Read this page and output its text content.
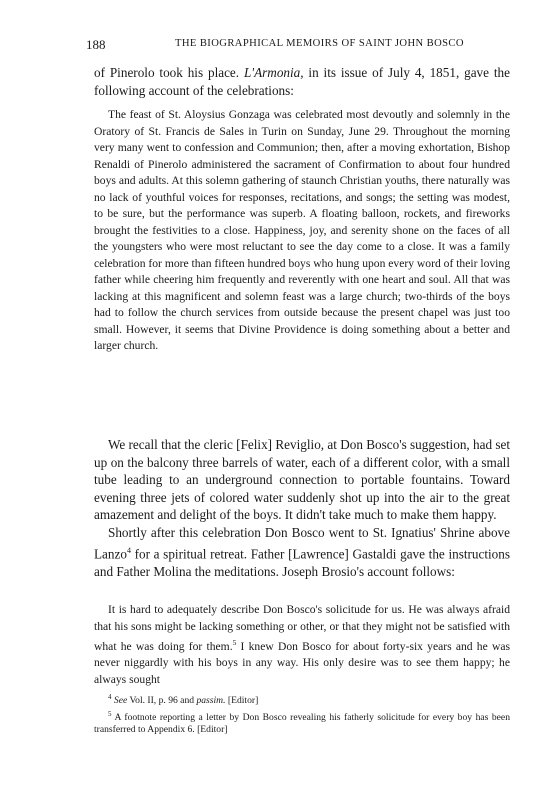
188	THE BIOGRAPHICAL MEMOIRS OF SAINT JOHN BOSCO

of Pinerolo took his place. L'Armonia, in its issue of July 4, 1851, gave the following account of the celebrations:

The feast of St. Aloysius Gonzaga was celebrated most devoutly and solemnly in the Oratory of St. Francis de Sales in Turin on Sunday, June 29. Throughout the morning very many went to confession and Communion; then, after a moving exhortation, Bishop Renaldi of Pinerolo administered the sacrament of Confirmation to about four hundred boys and adults. At this solemn gathering of staunch Christian youths, there naturally was no lack of youthful voices for responses, recitations, and songs; the setting was modest, to be sure, but the performance was superb. A floating balloon, rockets, and fireworks brought the festivities to a close. Happiness, joy, and serenity shone on the faces of all the youngsters who were most reluctant to see the day come to a close. It was a family celebration for more than fifteen hundred boys who hung upon every word of their loving father while cheering him frequently and reverently with one heart and soul. All that was lacking at this magnificent and solemn feast was a large church; two-thirds of the boys had to follow the church services from outside because the present chapel was just too small. However, it seems that Divine Providence is doing something about a better and larger church.

We recall that the cleric [Felix] Reviglio, at Don Bosco's suggestion, had set up on the balcony three barrels of water, each of a different color, with a small tube leading to an underground connection to portable fountains. Toward evening three jets of colored water suddenly shot up into the air to the great amazement and delight of the boys. It didn't take much to make them happy.

Shortly after this celebration Don Bosco went to St. Ignatius' Shrine above Lanzo$^4$ for a spiritual retreat. Father [Lawrence] Gastaldi gave the instructions and Father Molina the meditations. Joseph Brosio's account follows:

It is hard to adequately describe Don Bosco's solicitude for us. He was always afraid that his sons might be lacking something or other, or that they might not be satisfied with what he was doing for them.$^5$ I knew Don Bosco for about forty-six years and he was never niggardly with his boys in any way. His only desire was to see them happy; he always sought

$^4$ See Vol. II, p. 96 and passim. [Editor]

$^5$ A footnote reporting a letter by Don Bosco revealing his fatherly solicitude for every boy has been transferred to Appendix 6. [Editor]
